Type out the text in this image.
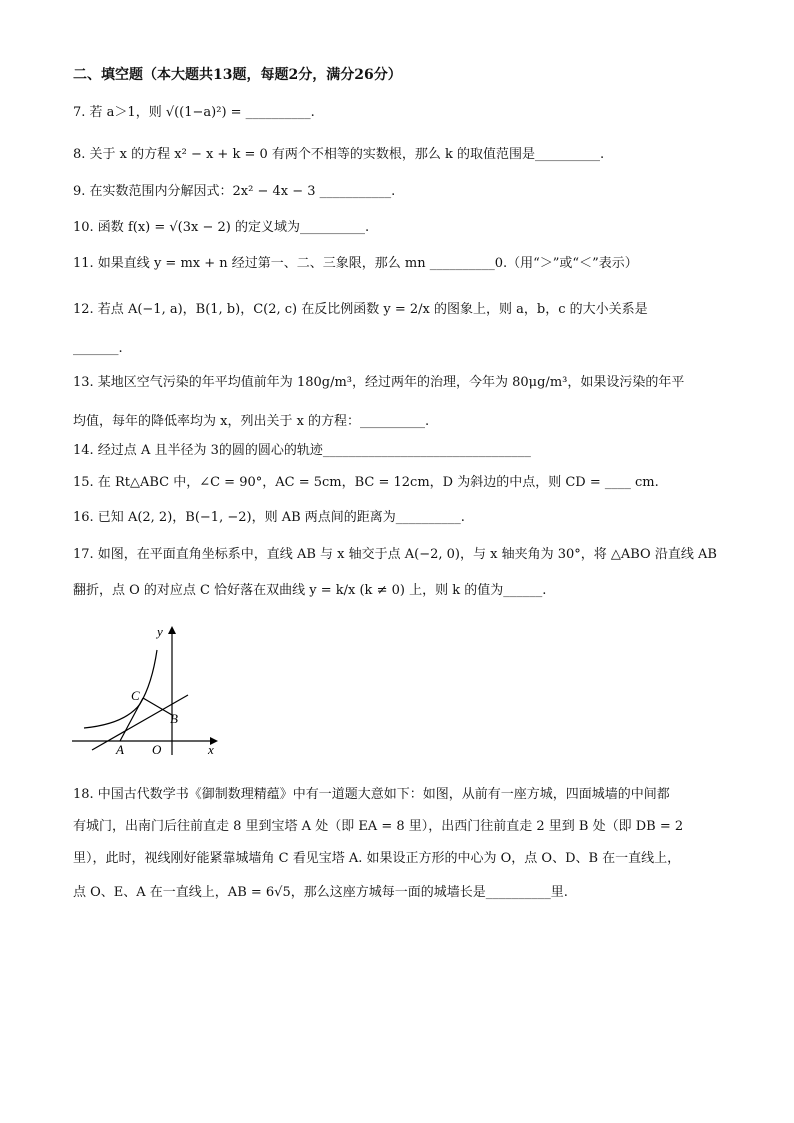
二、填空题（本大题共13题，每题2分，满分26分）
7. 若 a＞1，则 √((1−a)²) = __________.
8. 关于 x 的方程 x² − x + k = 0 有两个不相等的实数根，那么 k 的取值范围是__________.
9. 在实数范围内分解因式：2x² − 4x − 3 ___________.
10. 函数 f(x) = √(3x − 2) 的定义域为__________.
11. 如果直线 y = mx + n 经过第一、二、三象限，那么 mn __________0.（用“＞”或“＜”表示）
12. 若点 A(−1, a)，B(1, b)，C(2, c) 在反比例函数 y = 2/x 的图象上，则 a，b，c 的大小关系是
_______.
13. 某地区空气污染的年平均值前年为 180g/m³，经过两年的治理，今年为 80μg/m³，如果设污染的年平
均值，每年的降低率均为 x，列出关于 x 的方程：__________.
14. 经过点 A 且半径为 3的圆的圆心的轨迹________________________________
15. 在 Rt△ABC 中，∠C = 90°，AC = 5cm，BC = 12cm，D 为斜边的中点，则 CD = ____ cm.
16. 已知 A(2, 2)，B(−1, −2)，则 AB 两点间的距离为__________.
17. 如图，在平面直角坐标系中，直线 AB 与 x 轴交于点 A(−2, 0)，与 x 轴夹角为 30°，将 △ABO 沿直线 AB
翻折，点 O 的对应点 C 恰好落在双曲线 y = k/x (k ≠ 0) 上，则 k 的值为______.
y
x
A O
B
C
18. 中国古代数学书《御制数理精蕴》中有一道题大意如下：如图，从前有一座方城，四面城墙的中间都
有城门，出南门后往前直走 8 里到宝塔 A 处（即 EA = 8 里），出西门往前直走 2 里到 B 处（即 DB = 2
里），此时，视线刚好能紧靠城墙角 C 看见宝塔 A. 如果设正方形的中心为 O，点 O、D、B 在一直线上，
点 O、E、A 在一直线上，AB = 6√5，那么这座方城每一面的城墙长是__________里.
